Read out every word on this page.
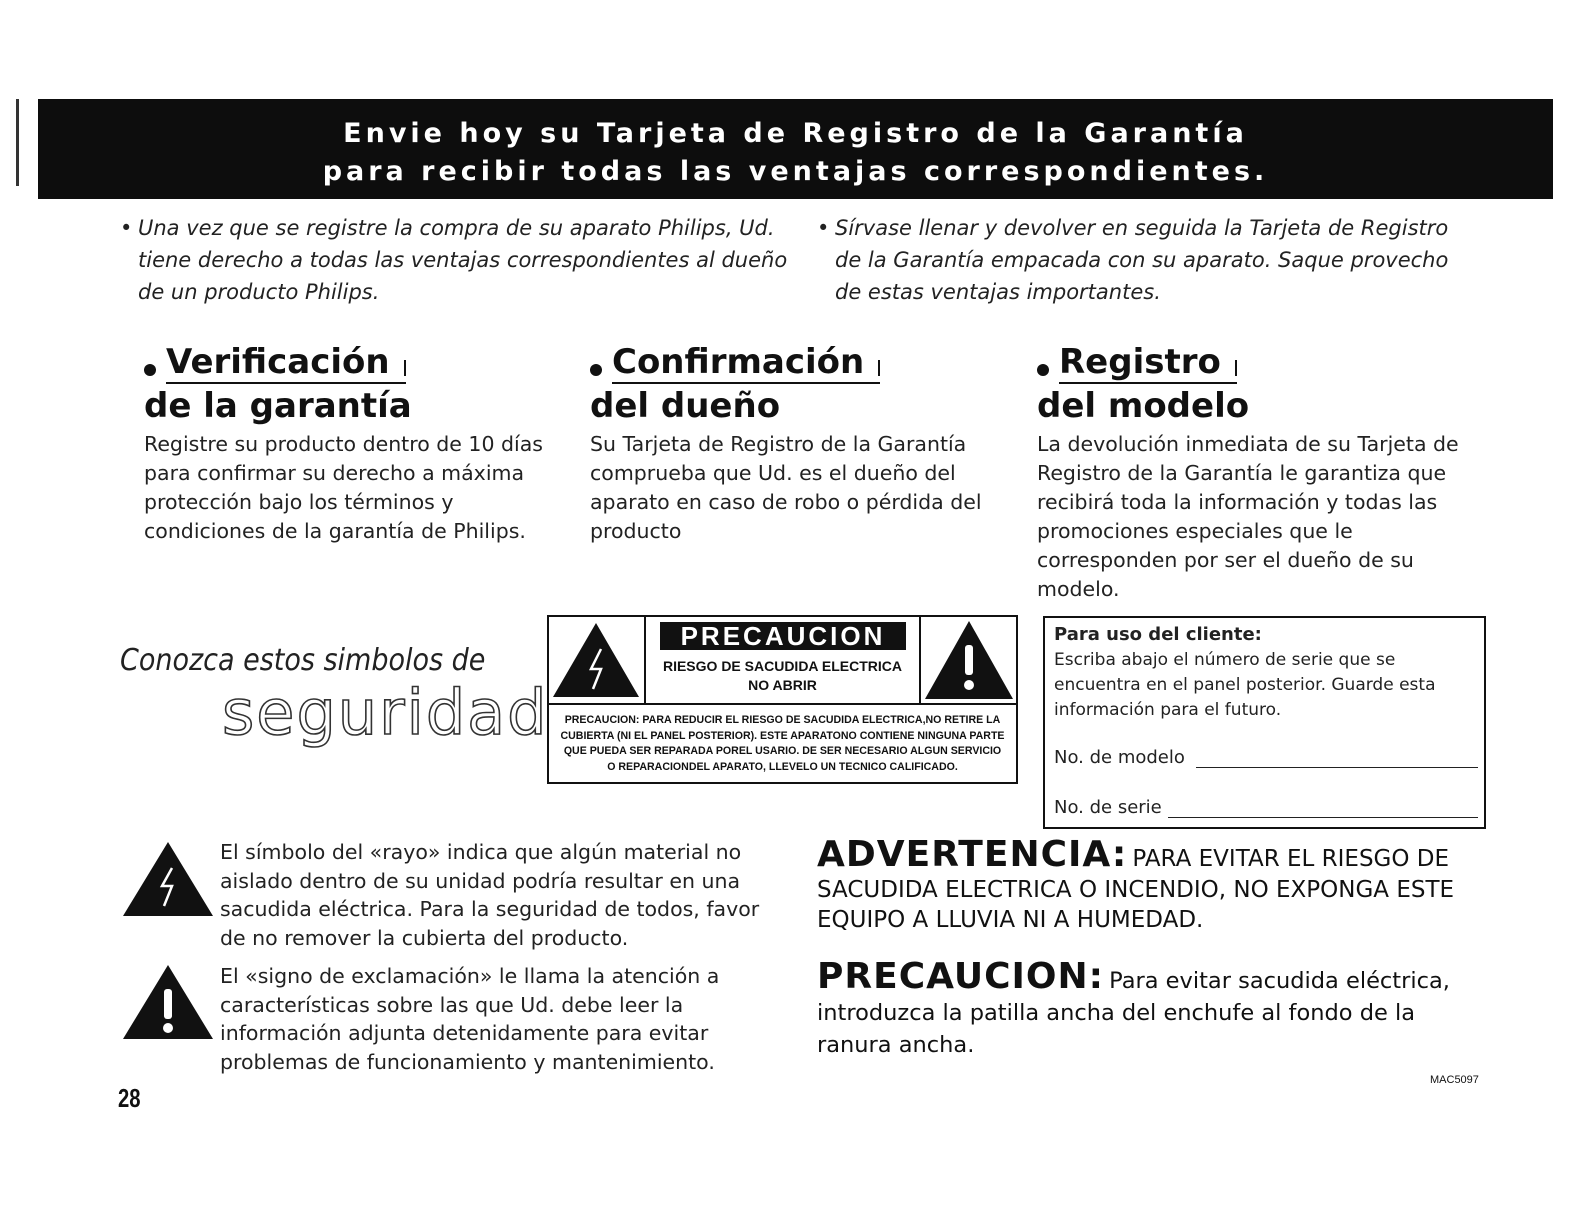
Envie hoy su Tarjeta de Registro de la Garantía
para recibir todas las ventajas correspondientes.
• Una vez que se registre la compra de su aparato Philips, Ud. tiene derecho a todas las ventajas correspondientes al dueño de un producto Philips.
• Sírvase llenar y devolver en seguida la Tarjeta de Registro de la Garantía empacada con su aparato. Saque provecho de estas ventajas importantes.
Verificación
de la garantía
Registre su producto dentro de 10 días para confirmar su derecho a máxima protección bajo los términos y condiciones de la garantía de Philips.
Confirmación
del dueño
Su Tarjeta de Registro de la Garantía comprueba que Ud. es el dueño del aparato en caso de robo o pérdida del producto
Registro
del modelo
La devolución inmediata de su Tarjeta de Registro de la Garantía le garantiza que recibirá toda la información y todas las promociones especiales que le corresponden por ser el dueño de su modelo.
Conozca estos simbolos de
seguridad
PRECAUCION
RIESGO DE SACUDIDA ELECTRICA
NO ABRIR
PRECAUCION: PARA REDUCIR EL RIESGO DE SACUDIDA ELECTRICA,NO RETIRE LA CUBIERTA (NI EL PANEL POSTERIOR). ESTE APARATONO CONTIENE NINGUNA PARTE QUE PUEDA SER REPARADA POREL USARIO. DE SER NECESARIO ALGUN SERVICIO O REPARACIONDEL APARATO, LLEVELO UN TECNICO CALIFICADO.
Para uso del cliente:
Escriba abajo el número de serie que se encuentra en el panel posterior. Guarde esta información para el futuro.
No. de modelo
No. de serie
El símbolo del «rayo» indica que algún material no aislado dentro de su unidad podría resultar en una sacudida eléctrica. Para la seguridad de todos, favor de no remover la cubierta del producto.
El «signo de exclamación» le llama la atención a características sobre las que Ud. debe leer la información adjunta detenidamente para evitar problemas de funcionamiento y mantenimiento.
ADVERTENCIA: PARA EVITAR EL RIESGO DE SACUDIDA ELECTRICA O INCENDIO, NO EXPONGA ESTE EQUIPO A LLUVIA NI A HUMEDAD.
PRECAUCION: Para evitar sacudida eléctrica, introduzca la patilla ancha del enchufe al fondo de la ranura ancha.
28
MAC5097
